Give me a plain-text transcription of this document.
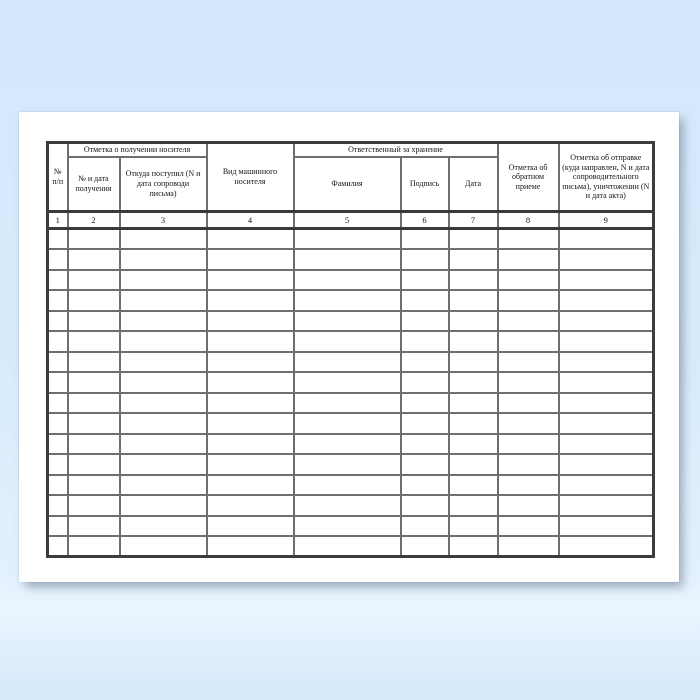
№ п/п	Отметка о получении носителя		Вид машинного носителя	Ответственный за хранение			Отметка об обратном приеме	Отметка об отправке (куда направлен, N и дата сопроводительного письма), уничтожении (N и дата акта)
	№ и дата получения	Откуда поступил (N и дата сопроводи письма)		Фамилия	Подпись	Дата		
1	2	3	4	5	6	7	8	9
